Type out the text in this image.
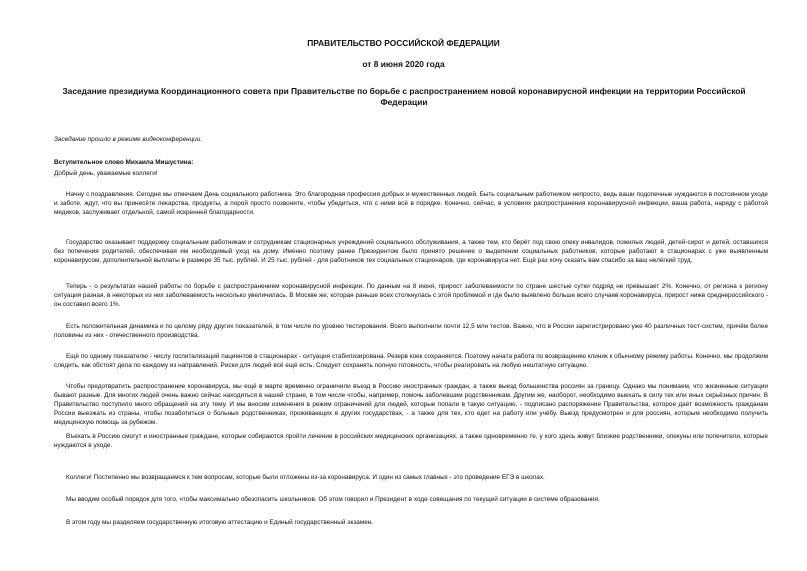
ПРАВИТЕЛЬСТВО РОССИЙСКОЙ ФЕДЕРАЦИИ

от 8 июня 2020 года

Заседание президиума Координационного совета при Правительстве по борьбе с распространением новой коронавирусной инфекции на территории Российской Федерации

Заседание прошло в режиме видеоконференции.

Вступительное слово Михаила Мишустина:

Добрый день, уважаемые коллеги!

Начну с поздравления. Сегодня мы отмечаем День социального работника. Это благородная профессия добрых и мужественных людей. Быть социальным работником непросто, ведь ваши подопечные нуждаются в постоянном уходе и заботе, ждут, что вы принесёте лекарства, продукты, а порой просто позвоните, чтобы убедиться, что с ними всё в порядке. Конечно, сейчас, в условиях распространения коронавирусной инфекции, ваша работа, наряду с работой медиков, заслуживает отдельной, самой искренней благодарности.

Государство оказывает поддержку социальным работникам и сотрудникам стационарных учреждений социального обслуживания, а также тем, кто берёт под свою опеку инвалидов, пожилых людей, детей-сирот и детей, оставшихся без попечения родителей, обеспечивая им необходимый уход на дому. Именно поэтому ранее Президентом было принято решение о выделении социальных работников, которые работают в стационарах с уже выявленным коронавирусом, дополнительной выплаты в размере 35 тыс. рублей. И 25 тыс. рублей - для работников тех социальных стационаров, где коронавируса нет. Ещё раз хочу сказать вам спасибо за ваш нелёгкий труд.

Теперь - о результатах нашей работы по борьбе с распространением коронавирусной инфекции. По данным на 8 июня, прирост заболеваемости по стране шестые сутки подряд не превышает 2%. Конечно, от региона к региону ситуация разная, в некоторых из них заболеваемость несколько увеличилась. В Москве же, которая раньше всех столкнулась с этой проблемой и где было выявлено больше всего случаев коронавируса, прирост ниже среднероссийского - он составил всего 1%.

Есть положительная динамика и по целому ряду других показателей, в том числе по уровню тестирования. Всего выполнили почти 12,5 млн тестов. Важно, что в России зарегистрировано уже 40 различных тест-систем, причём более половины из них - отечественного производства.

Ещё по одному показателю - числу госпитализаций пациентов в стационарах - ситуация стабилизирована. Резерв коек сохраняется. Поэтому начата работа по возвращению клиник к обычному режиму работы. Конечно, мы продолжим следить, как обстоят дела по каждому из направлений. Риски для людей всё ещё есть. Следует сохранять полную готовность, чтобы реагировать на любую нештатную ситуацию.

Чтобы предотвратить распространение коронавируса, мы ещё в марте временно ограничили въезд в Россию иностранных граждан, а также выезд большинства россиян за границу. Однако мы понимаем, что жизненные ситуации бывают разные. Для многих людей очень важно сейчас находиться в нашей стране, в том числе чтобы, например, помочь заболевшим родственникам. Другим же, наоборот, необходимо выехать в силу тех или иных серьёзных причин. В Правительство поступило много обращений на эту тему. И мы вносим изменения в режим ограничений для людей, которые попали в такую ситуацию, - подписано распоряжение Правительства, которое даёт возможность гражданам России выезжать из страны, чтобы позаботиться о больных родственниках, проживающих в других государствах, - а также для тех, кто едет на работу или учёбу. Выезд предусмотрен и для россиян, которым необходимо получить медицинскую помощь за рубежом.

Въехать в Россию смогут и иностранные граждане, которые собираются пройти лечение в российских медицинских организациях, а также одновременно те, у кого здесь живут близкие родственники, опекуны или попечители, которые нуждаются в уходе.

Коллеги! Постепенно мы возвращаемся к тем вопросам, которые были отложены из-за коронавируса. И один из самых главных - это проведение ЕГЭ в школах.

Мы вводим особый порядок для того, чтобы максимально обезопасить школьников. Об этом говорил и Президент в ходе совещания по текущей ситуации в системе образования.

В этом году мы разделяем государственную итоговую аттестацию и Единый государственный экзамен.
